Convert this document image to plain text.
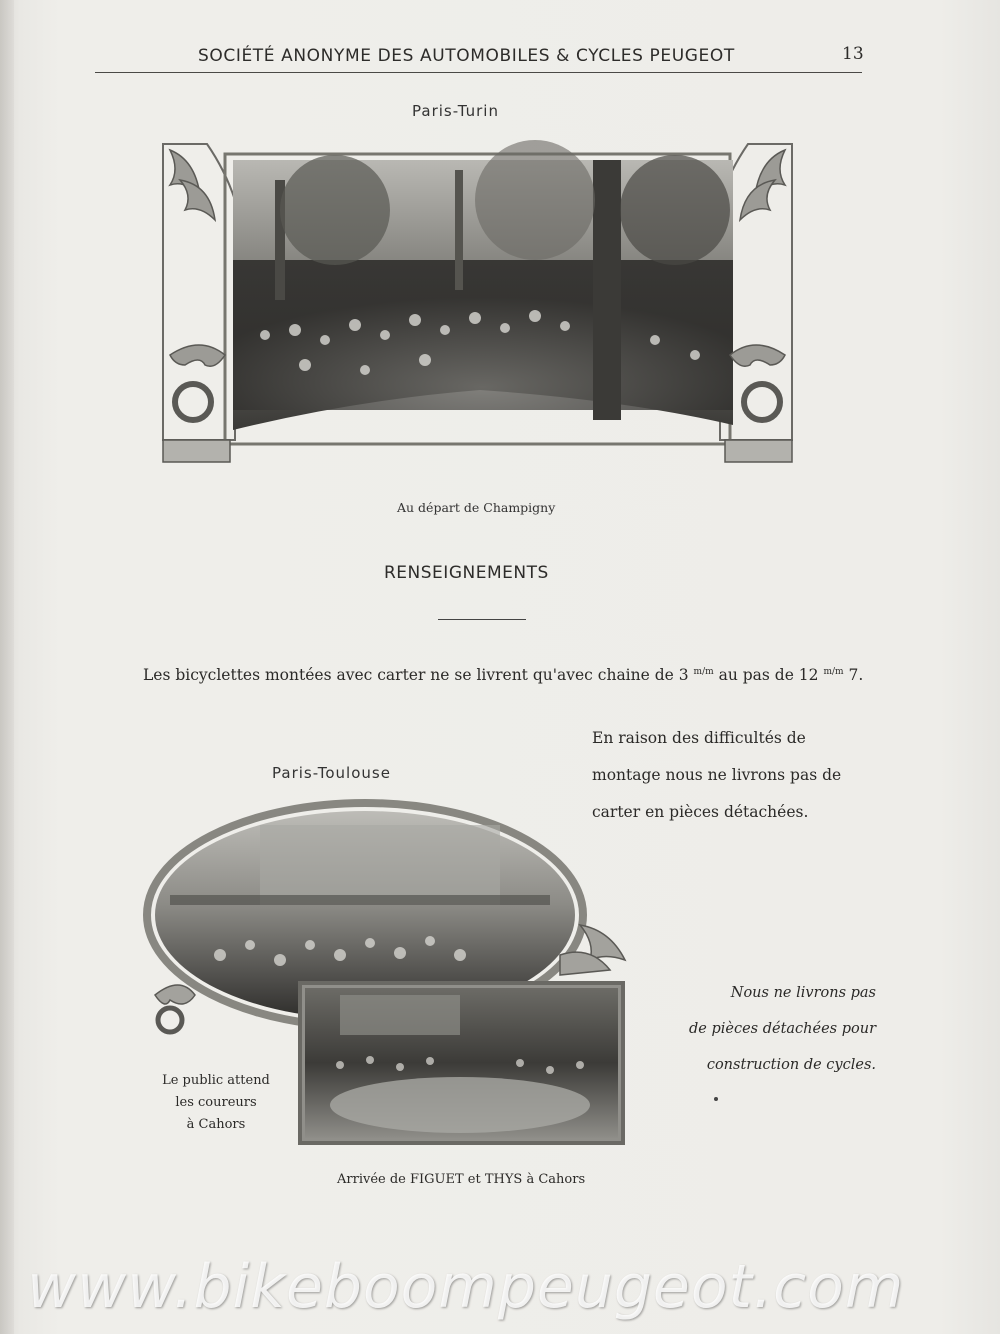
SOCIÉTÉ ANONYME DES AUTOMOBILES & CYCLES PEUGEOT	13
Paris-Turin
Au départ de Champigny
RENSEIGNEMENTS
Les bicyclettes montées avec carter ne se livrent qu'avec chaine de 3 $^{m/m}$ au pas de 12 $^{m/m}$ 7.
En raison des difficultés de
montage nous ne livrons pas de
carter en pièces détachées.
Paris-Toulouse
Nous ne livrons pas
de pièces détachées pour
construction de cycles.
Le public attend
les coureurs
à Cahors
Arrivée de FIGUET et THYS à Cahors
www.bikeboompeugeot.com
